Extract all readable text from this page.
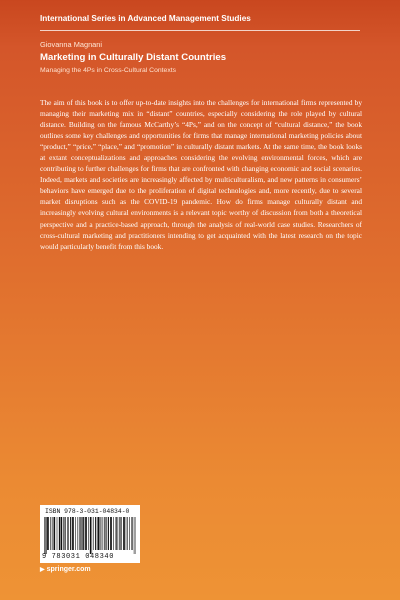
International Series in Advanced Management Studies
Giovanna Magnani
Marketing in Culturally Distant Countries
Managing the 4Ps in Cross-Cultural Contexts

The aim of this book is to offer up-to-date insights into the challenges for international firms represented by managing their marketing mix in “distant” countries, especially considering the role played by cultural distance. Building on the famous McCarthy’s “4Ps,” and on the concept of “cultural distance,” the book outlines some key challenges and opportunities for firms that manage international marketing policies about “product,” “price,” “place,” and “promotion” in culturally distant markets. At the same time, the book looks at extant conceptualizations and approaches considering the evolving environmental forces, which are contributing to further challenges for firms that are confronted with changing economic and social scenarios. Indeed, markets and societies are increasingly affected by multiculturalism, and new patterns in consumers’ behaviors have emerged due to the proliferation of digital technologies and, more recently, due to several market disruptions such as the COVID-19 pandemic. How do firms manage culturally distant and increasingly evolving cultural environments is a relevant topic worthy of discussion from both a theoretical perspective and a practice-based approach, through the analysis of real-world case studies. Researchers of cross-cultural marketing and practitioners intending to get acquainted with the latest research on the topic would particularly benefit from this book.

ISBN 978-3-031-04834-0
9 783031 048340
▶ springer.com
